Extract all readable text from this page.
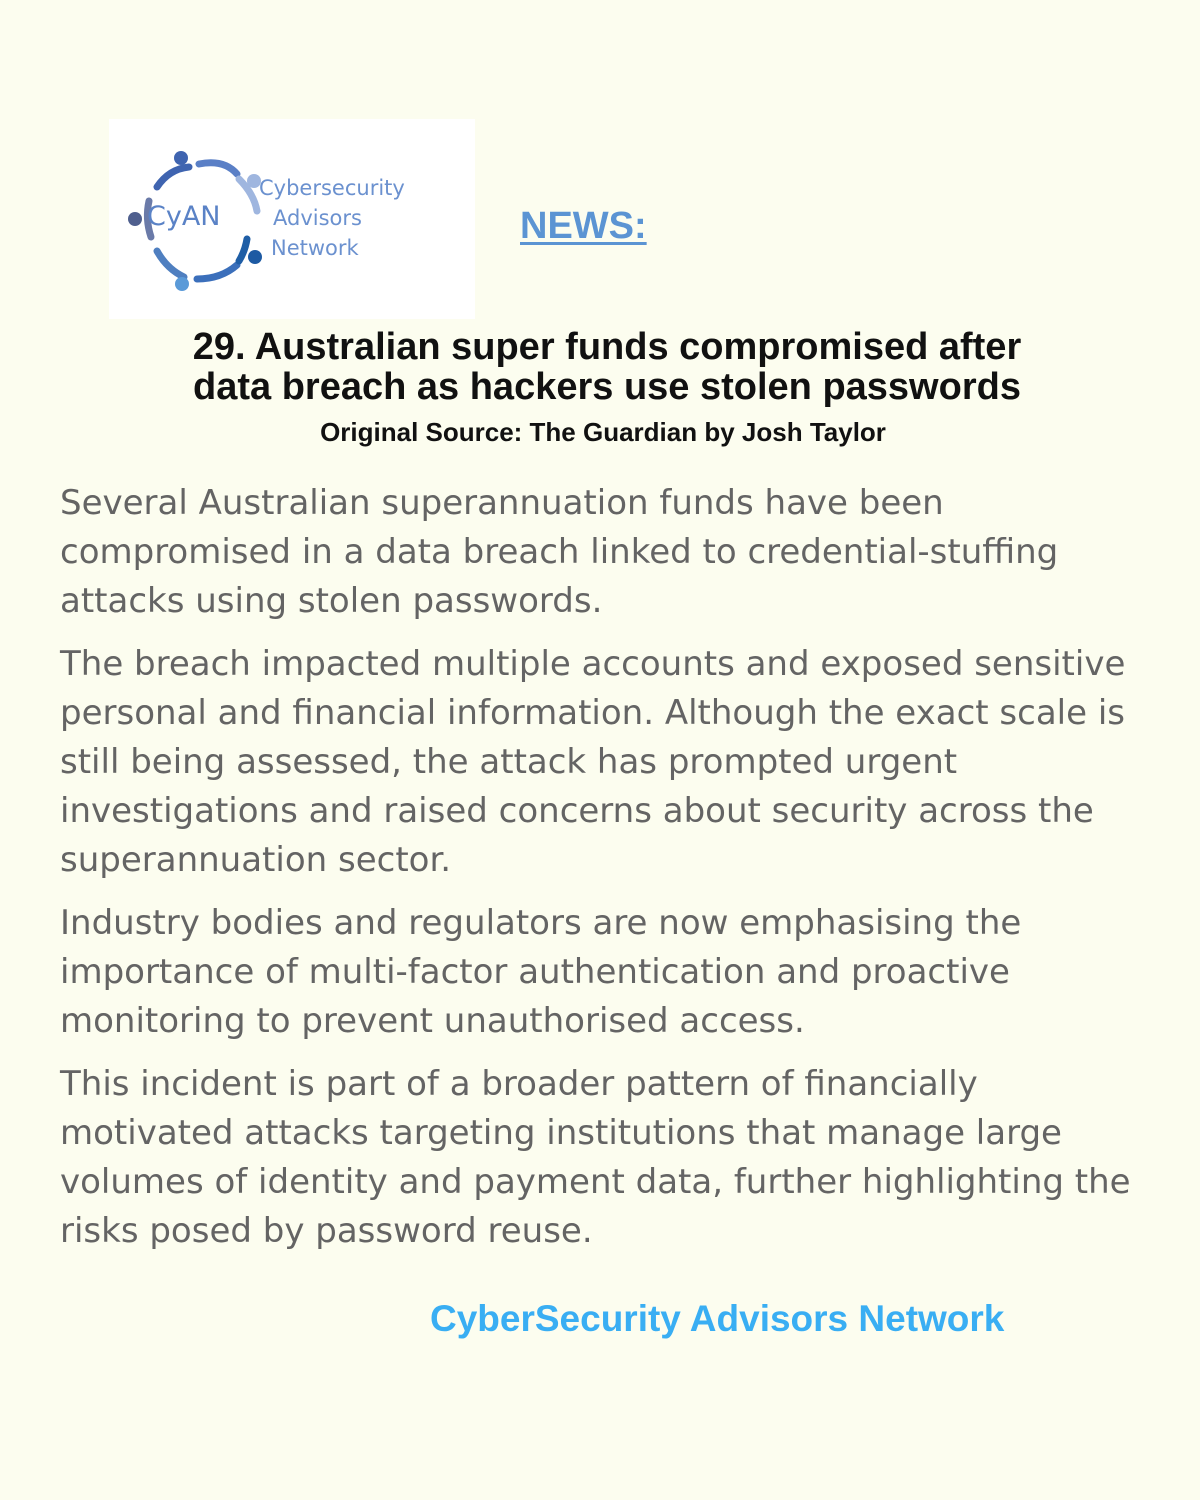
CyAN
Cybersecurity
Advisors
Network
NEWS:
29. Australian super funds compromised after
data breach as hackers use stolen passwords
Original Source: The Guardian by Josh Taylor

Several Australian superannuation funds have been compromised in a data breach linked to credential-stuffing attacks using stolen passwords.

The breach impacted multiple accounts and exposed sensitive personal and financial information. Although the exact scale is still being assessed, the attack has prompted urgent investigations and raised concerns about security across the superannuation sector.

Industry bodies and regulators are now emphasising the importance of multi-factor authentication and proactive monitoring to prevent unauthorised access.

This incident is part of a broader pattern of financially motivated attacks targeting institutions that manage large volumes of identity and payment data, further highlighting the risks posed by password reuse.

CyberSecurity Advisors Network
